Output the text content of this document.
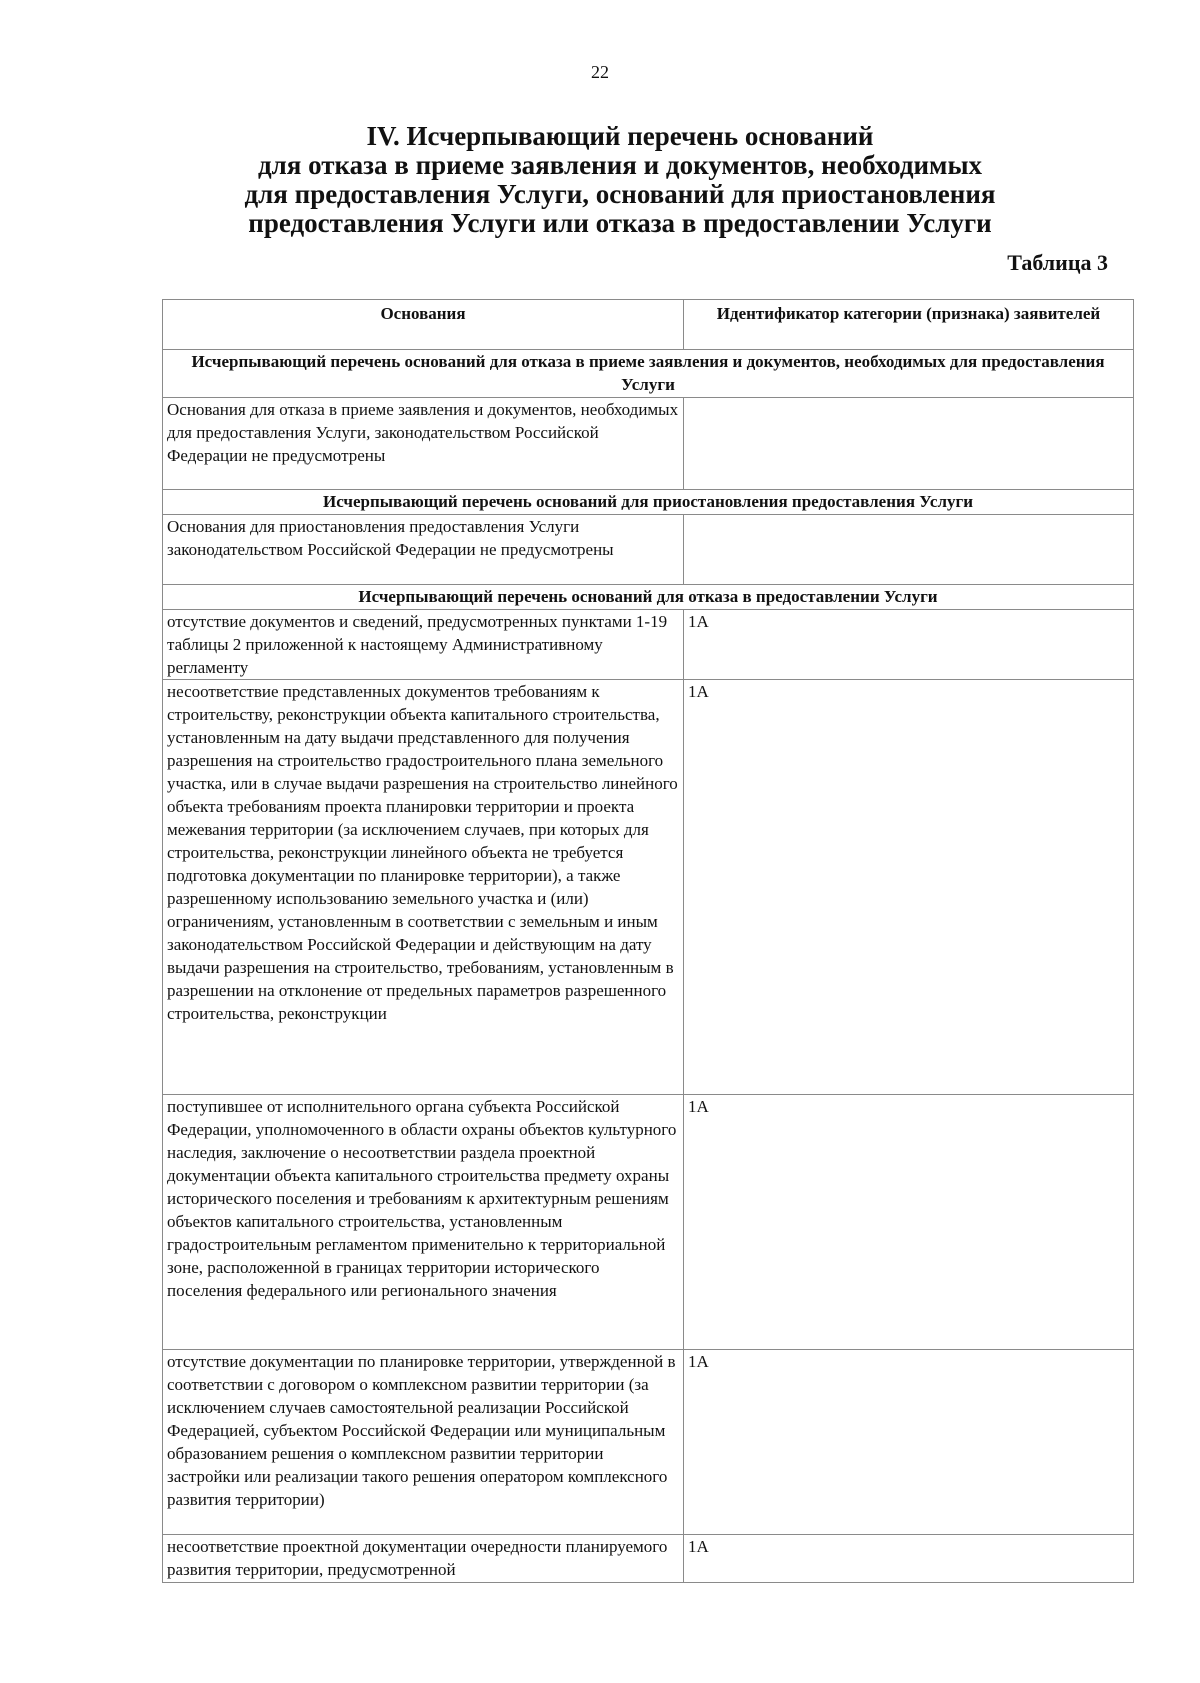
22
IV. Исчерпывающий перечень оснований
для отказа в приеме заявления и документов, необходимых
для предоставления Услуги, оснований для приостановления
предоставления Услуги или отказа в предоставлении Услуги
Таблица 3
Основания	Идентификатор категории (признака) заявителей
Исчерпывающий перечень оснований для отказа в приеме заявления и документов, необходимых для предоставления Услуги	
Основания для отказа в приеме заявления и документов, необходимых для предоставления Услуги, законодательством Российской Федерации не предусмотрены	
Исчерпывающий перечень оснований для приостановления предоставления Услуги	
Основания для приостановления предоставления Услуги законодательством Российской Федерации не предусмотрены	
Исчерпывающий перечень оснований для отказа в предоставлении Услуги	
отсутствие документов и сведений, предусмотренных пунктами 1-19 таблицы 2 приложенной к настоящему Административному регламенту	1А
несоответствие представленных документов требованиям к строительству, реконструкции объекта капитального строительства, установленным на дату выдачи представленного для получения разрешения на строительство градостроительного плана земельного участка, или в случае выдачи разрешения на строительство линейного объекта требованиям проекта планировки территории и проекта межевания территории (за исключением случаев, при которых для строительства, реконструкции линейного объекта не требуется подготовка документации по планировке территории), а также разрешенному использованию земельного участка и (или) ограничениям, установленным в соответствии с земельным и иным законодательством Российской Федерации и действующим на дату выдачи разрешения на строительство, требованиям, установленным в разрешении на отклонение от предельных параметров разрешенного строительства, реконструкции	1А
поступившее от исполнительного органа субъекта Российской Федерации, уполномоченного в области охраны объектов культурного наследия, заключение о несоответствии раздела проектной документации объекта капитального строительства предмету охраны исторического поселения и требованиям к архитектурным решениям объектов капитального строительства, установленным градостроительным регламентом применительно к территориальной зоне, расположенной в границах территории исторического поселения федерального или регионального значения	1А
отсутствие документации по планировке территории, утвержденной в соответствии с договором о комплексном развитии территории (за исключением случаев самостоятельной реализации Российской Федерацией, субъектом Российской Федерации или муниципальным образованием решения о комплексном развитии территории застройки или реализации такого решения оператором комплексного развития территории)	1А
несоответствие проектной документации очередности планируемого развития территории, предусмотренной	1А
